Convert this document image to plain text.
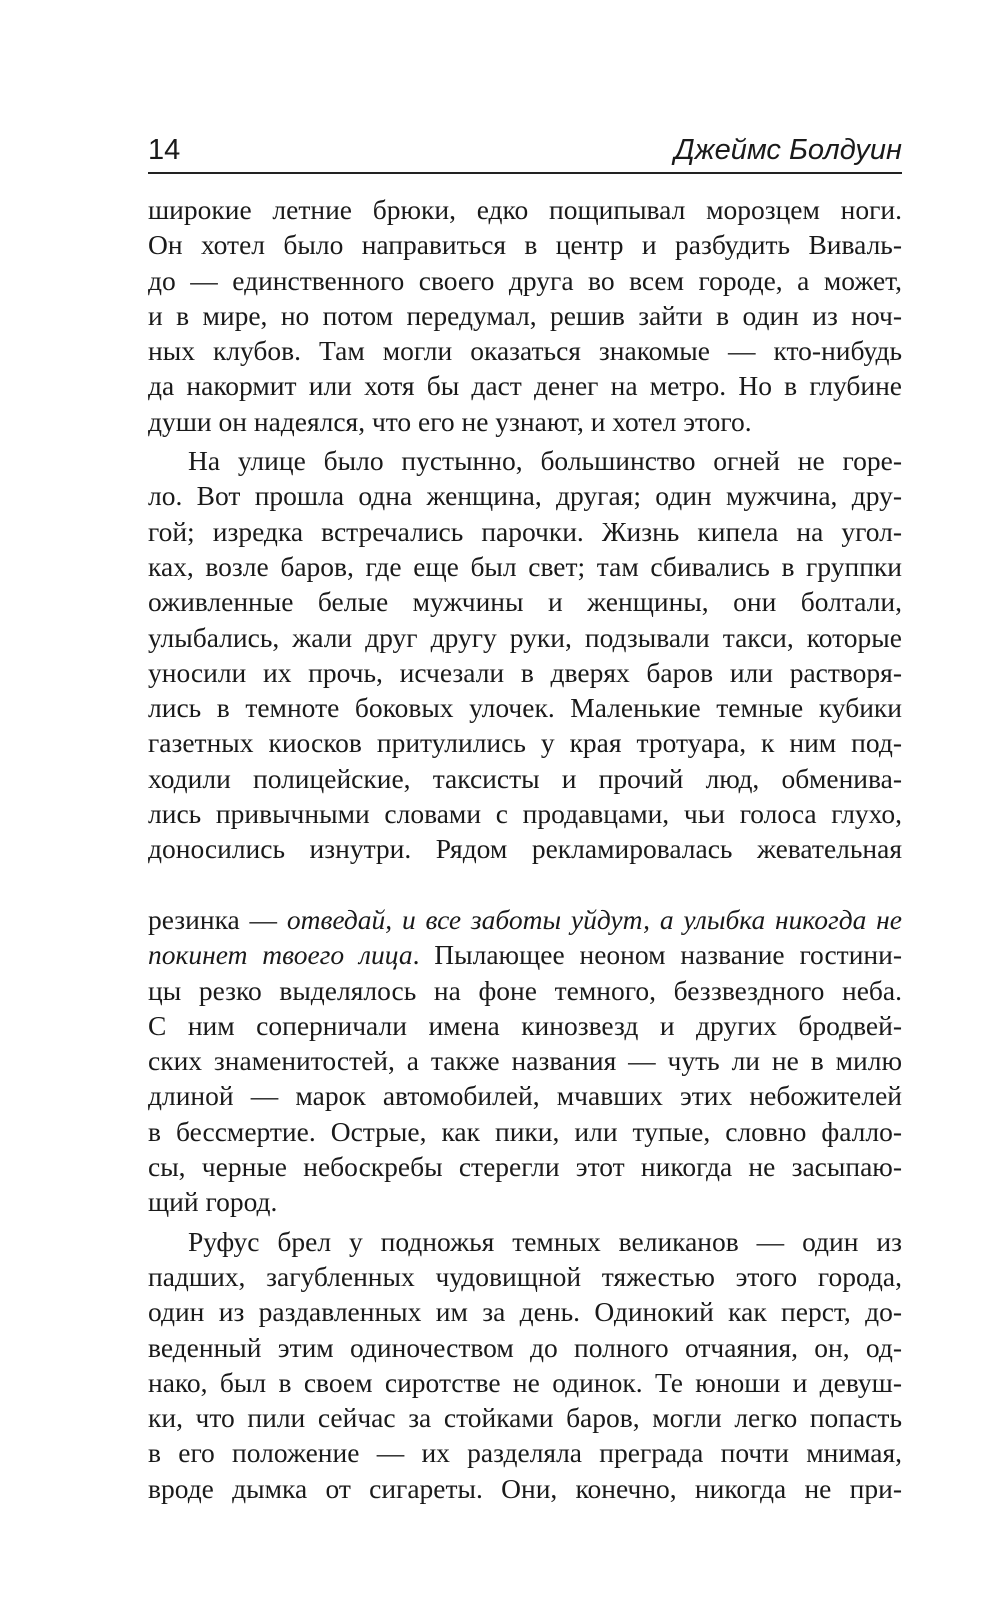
14	Джеймс Болдуин
широкие летние брюки, едко пощипывал морозцем ноги.
Он хотел было направиться в центр и разбудить Виваль-
до — единственного своего друга во всем городе, а может,
и в мире, но потом передумал, решив зайти в один из ноч-
ных клубов. Там могли оказаться знакомые — кто-нибудь
да накормит или хотя бы даст денег на метро. Но в глубине
души он надеялся, что его не узнают, и хотел этого.
На улице было пустынно, большинство огней не горе-
ло. Вот прошла одна женщина, другая; один мужчина, дру-
гой; изредка встречались парочки. Жизнь кипела на угол-
ках, возле баров, где еще был свет; там сбивались в группки
оживленные белые мужчины и женщины, они болтали,
улыбались, жали друг другу руки, подзывали такси, которые
уносили их прочь, исчезали в дверях баров или растворя-
лись в темноте боковых улочек. Маленькие темные кубики
газетных киосков притулились у края тротуара, к ним под-
ходили полицейские, таксисты и прочий люд, обменива-
лись привычными словами с продавцами, чьи голоса глухо,
доносились изнутри. Рядом рекламировалась жевательная
резинка — отведай, и все заботы уйдут, а улыбка никогда не
покинет твоего лица. Пылающее неоном название гостини-
цы резко выделялось на фоне темного, беззвездного неба.
С ним соперничали имена кинозвезд и других бродвей-
ских знаменитостей, а также названия — чуть ли не в милю
длиной — марок автомобилей, мчавших этих небожителей
в бессмертие. Острые, как пики, или тупые, словно фалло-
сы, черные небоскребы стерегли этот никогда не засыпаю-
щий город.
Руфус брел у подножья темных великанов — один из
падших, загубленных чудовищной тяжестью этого города,
один из раздавленных им за день. Одинокий как перст, до-
веденный этим одиночеством до полного отчаяния, он, од-
нако, был в своем сиротстве не одинок. Те юноши и девуш-
ки, что пили сейчас за стойками баров, могли легко попасть
в его положение — их разделяла преграда почти мнимая,
вроде дымка от сигареты. Они, конечно, никогда не при-
